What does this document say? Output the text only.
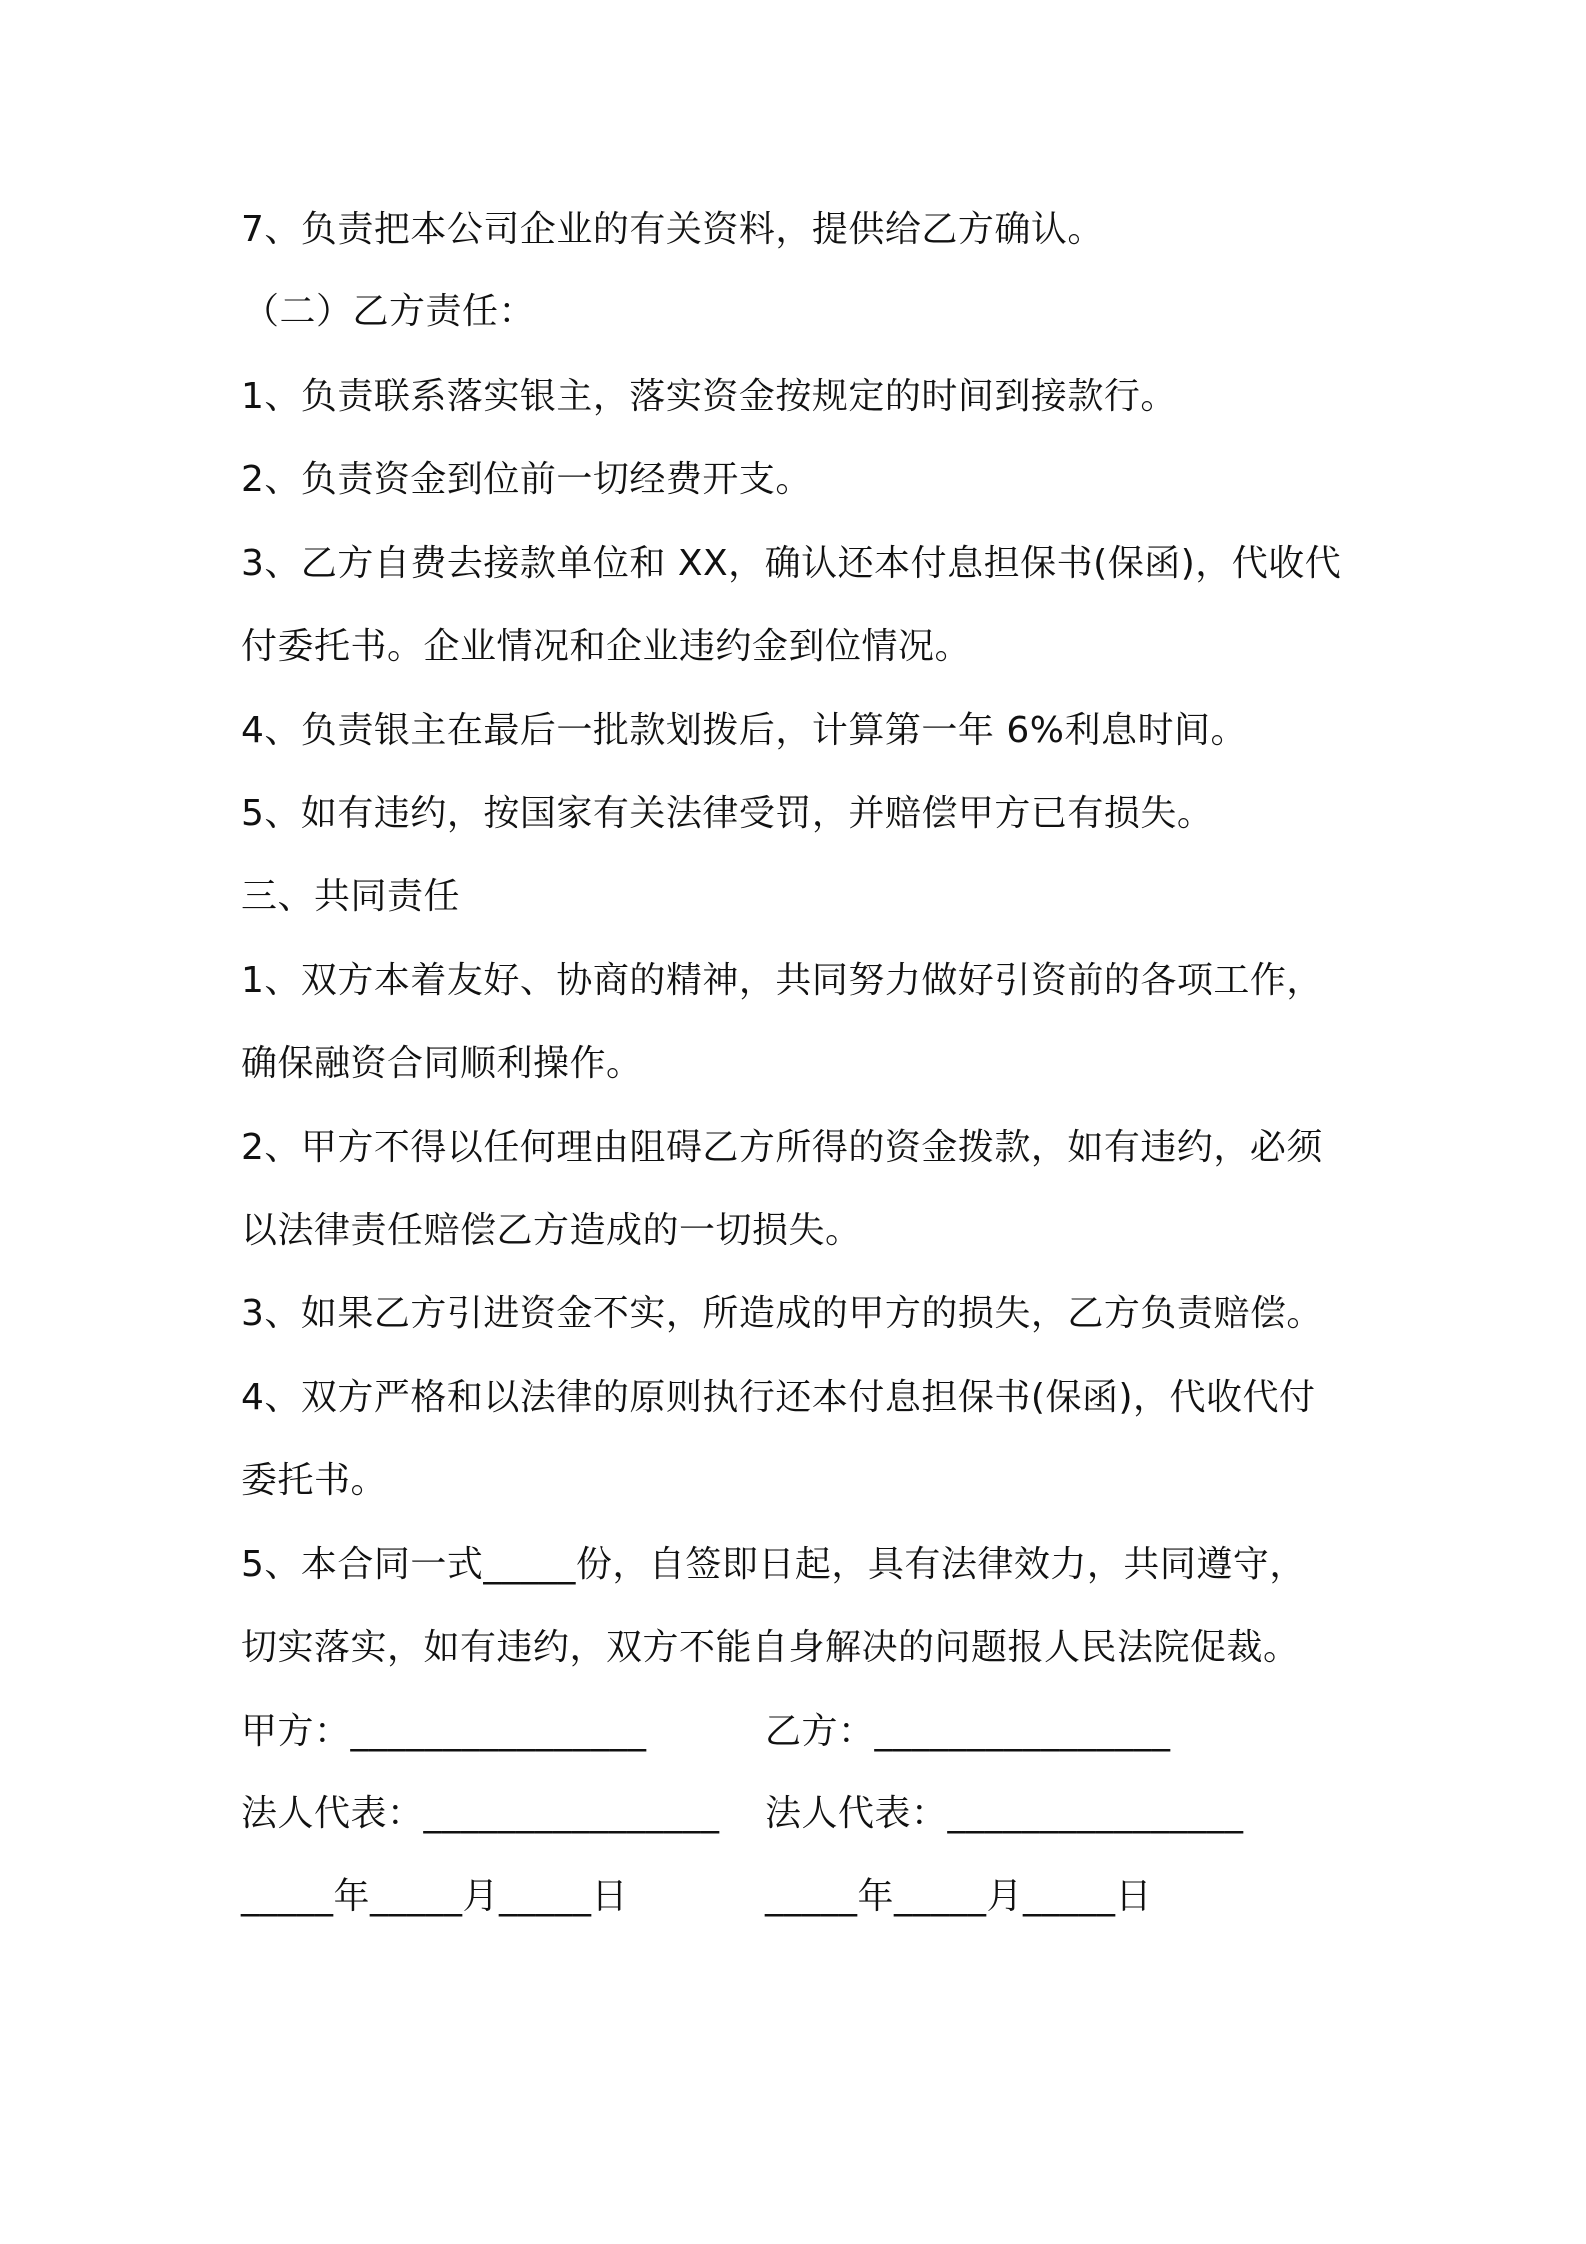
7、负责把本公司企业的有关资料，提供给乙方确认。
（二）乙方责任：
1、负责联系落实银主，落实资金按规定的时间到接款行。
2、负责资金到位前一切经费开支。
3、乙方自费去接款单位和 XX，确认还本付息担保书(保函)，代收代
付委托书。企业情况和企业违约金到位情况。
4、负责银主在最后一批款划拨后，计算第一年 6%利息时间。
5、如有违约，按国家有关法律受罚，并赔偿甲方已有损失。
三、共同责任
1、双方本着友好、协商的精神，共同努力做好引资前的各项工作，
确保融资合同顺利操作。
2、甲方不得以任何理由阻碍乙方所得的资金拨款，如有违约，必须
以法律责任赔偿乙方造成的一切损失。
3、如果乙方引进资金不实，所造成的甲方的损失，乙方负责赔偿。
4、双方严格和以法律的原则执行还本付息担保书(保函)，代收代付
委托书。
5、本合同一式_____份，自签即日起，具有法律效力，共同遵守，
切实落实，如有违约，双方不能自身解决的问题报人民法院促裁。
甲方：________________	乙方：________________
法人代表：________________ 法人代表：________________
_____年_____月_____日	_____年_____月_____日
